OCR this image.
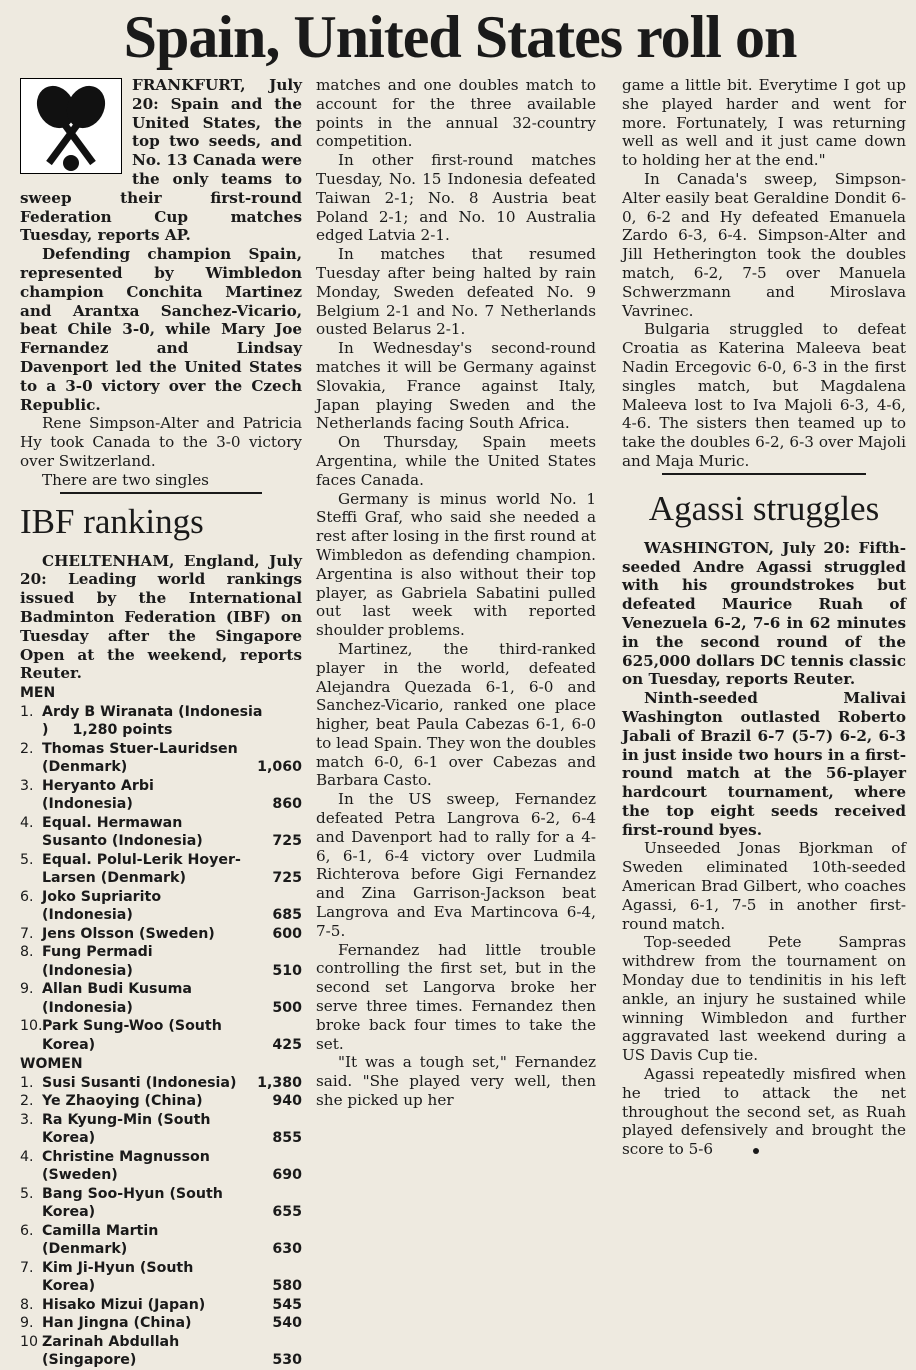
Spain, United States roll on

FRANKFURT, July 20: Spain and the United States, the top two seeds, and No. 13 Canada were the only teams to sweep their first-round Federation Cup matches Tuesday, reports AP.

Defending champion Spain, represented by Wimbledon champion Conchita Martinez and Arantxa Sanchez-Vicario, beat Chile 3-0, while Mary Joe Fernandez and Lindsay Davenport led the United States to a 3-0 victory over the Czech Republic.

Rene Simpson-Alter and Patricia Hy took Canada to the 3-0 victory over Switzerland.

There are two singles

IBF rankings

CHELTENHAM, England, July 20: Leading world rankings issued by the International Badminton Federation (IBF) on Tuesday after the Singapore Open at the weekend, reports Reuter.

MEN
1. Ardy B Wiranata (Indonesia ) 1,280 points
2. Thomas Stuer-Lauridsen (Denmark)	1,060
3. Heryanto Arbi (Indonesia)	860
4. Equal. Hermawan Susanto (Indonesia)	725
5. Equal. Polul-Lerik Hoyer-Larsen (Denmark)	725
6. Joko Supriarito (Indonesia)	685
7. Jens Olsson (Sweden)	600
8. Fung Permadi (Indonesia)	510
9. Allan Budi Kusuma (Indonesia)	500
10. Park Sung-Woo (South Korea)	425
WOMEN
1. Susi Susanti (Indonesia) 1,380
2. Ye Zhaoying (China)	940
3. Ra Kyung-Min (South Korea)	855
4. Christine Magnusson (Sweden)	690
5. Bang Soo-Hyun (South Korea)	655
6. Camilla Martin (Denmark)	630
7. Kim Ji-Hyun (South Korea)	580
8. Hisako Mizui (Japan)	545
9. Han Jingna (China)	540
10 Zarinah Abdullah (Singapore)	530

matches and one doubles match to account for the three available points in the annual 32-country competition.

In other first-round matches Tuesday, No. 15 Indonesia defeated Taiwan 2-1; No. 8 Austria beat Poland 2-1; and No. 10 Australia edged Latvia 2-1.

In matches that resumed Tuesday after being halted by rain Monday, Sweden defeated No. 9 Belgium 2-1 and No. 7 Netherlands ousted Belarus 2-1.

In Wednesday's second-round matches it will be Germany against Slovakia, France against Italy, Japan playing Sweden and the Netherlands facing South Africa.

On Thursday, Spain meets Argentina, while the United States faces Canada.

Germany is minus world No. 1 Steffi Graf, who said she needed a rest after losing in the first round at Wimbledon as defending champion. Argentina is also without their top player, as Gabriela Sabatini pulled out last week with reported shoulder problems.

Martinez, the third-ranked player in the world, defeated Alejandra Quezada 6-1, 6-0 and Sanchez-Vicario, ranked one place higher, beat Paula Cabezas 6-1, 6-0 to lead Spain. They won the doubles match 6-0, 6-1 over Cabezas and Barbara Casto.

In the US sweep, Fernandez defeated Petra Langrova 6-2, 6-4 and Davenport had to rally for a 4-6, 6-1, 6-4 victory over Ludmila Richterova before Gigi Fernandez and Zina Garrison-Jackson beat Langrova and Eva Martincova 6-4, 7-5.

Fernandez had little trouble controlling the first set, but in the second set Langorva broke her serve three times. Fernandez then broke back four times to take the set.

"It was a tough set," Fernandez said. "She played very well, then she picked up her

game a little bit. Everytime I got up she played harder and went for more. Fortunately, I was returning well as well and it just came down to holding her at the end."

In Canada's sweep, Simpson-Alter easily beat Geraldine Dondit 6-0, 6-2 and Hy defeated Emanuela Zardo 6-3, 6-4. Simpson-Alter and Jill Hetherington took the doubles match, 6-2, 7-5 over Manuela Schwerzmann and Miroslava Vavrinec.

Bulgaria struggled to defeat Croatia as Katerina Maleeva beat Nadin Ercegovic 6-0, 6-3 in the first singles match, but Magdalena Maleeva lost to Iva Majoli 6-3, 4-6, 4-6. The sisters then teamed up to take the doubles 6-2, 6-3 over Majoli and Maja Muric.

Agassi struggles

WASHINGTON, July 20: Fifth-seeded Andre Agassi struggled with his groundstrokes but defeated Maurice Ruah of Venezuela 6-2, 7-6 in 62 minutes in the second round of the 625,000 dollars DC tennis classic on Tuesday, reports Reuter.

Ninth-seeded Malivai Washington outlasted Roberto Jabali of Brazil 6-7 (5-7) 6-2, 6-3 in just inside two hours in a first-round match at the 56-player hardcourt tournament, where the top eight seeds received first-round byes.

Unseeded Jonas Bjorkman of Sweden eliminated 10th-seeded American Brad Gilbert, who coaches Agassi, 6-1, 7-5 in another first-round match.

Top-seeded Pete Sampras withdrew from the tournament on Monday due to tendinitis in his left ankle, an injury he sustained while winning Wimbledon and further aggravated last weekend during a US Davis Cup tie.

Agassi repeatedly misfired when he tried to attack the net throughout the second set, as Ruah played defensively and brought the score to 5-6
